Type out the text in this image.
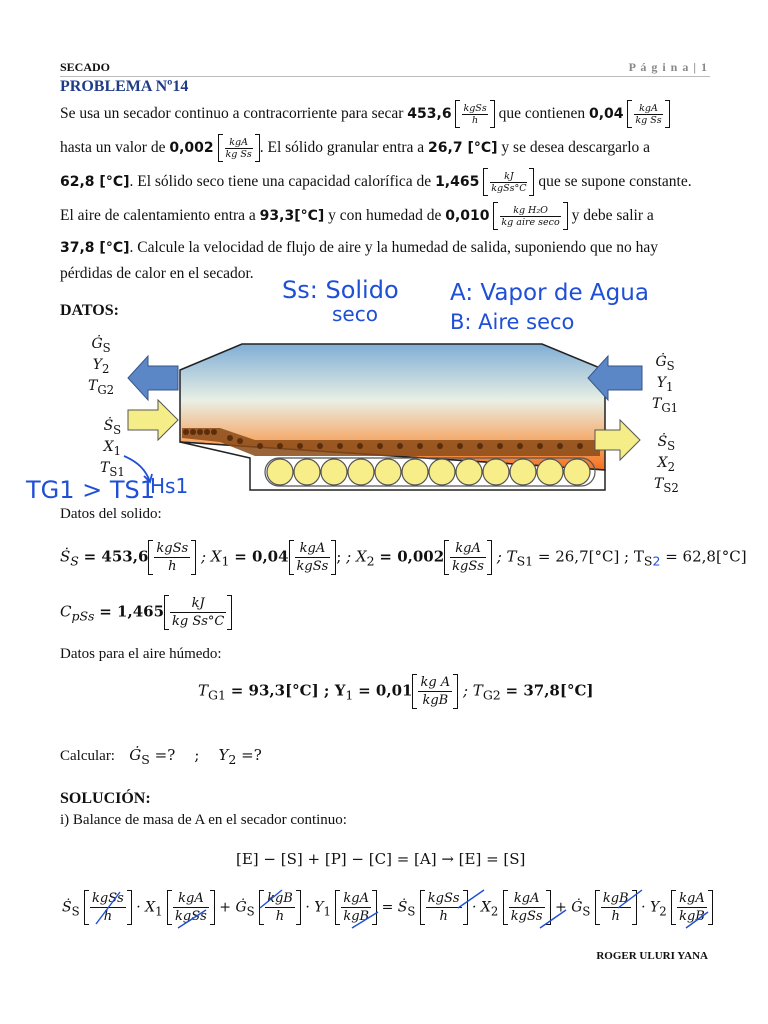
SECADO	P á g i n a | 1
PROBLEMA Nº14
Se usa un secador continuo a contracorriente para secar $453,6 \frac{\text{kgSs}}{h}$ que contienen $0,04 \frac{\text{kgA}}{\text{kg Ss}}$
hasta un valor de $0,002 \frac{\text{kgA}}{\text{kg Ss}}$ . El sólido granular entra a 26,7 [°C] y se desea descargarlo a
62,8 [°C]. El sólido seco tiene una capacidad calorífica de $1,465 \frac{kJ}{\text{kgSs°C}}$ que se supone constante.
El aire de calentamiento entra a 93,3[°C] y con humedad de $0,010 \frac{\text{kg H₂O}}{\text{kg aire seco}}$ y debe salir a
37,8 [°C]. Calcule la velocidad de flujo de aire y la humedad de salida, suponiendo que no hay
pérdidas de calor en el secador.
Ss: Solido
seco
A: Vapor de Agua
B: Aire seco
DATOS:
$Ġ_S$
$Y_2$
$T_{G2}$
Ṡ$_S$
$X_1$
$T_{S1}$
$Ġ_S$
$Y_1$
$T_{G1}$
Ṡ$_S$
$X_2$
$T_{S2}$
TG1 > TS1
Hs1
Datos del solido:
Ṡ$_S$ = 453,6 kgSs
h
; $X_1 = 0,04$ kgA
kgSs
; ; $X_2 = 0,002$ kgA
kgSs
; $T_{S1} = 26,7[^\circ C]$ ; $T_{S2} = 62,8[^\circ C]$
$C_{pSs} = 1,465 \frac{kJ}{\text{kg Ss°C}}$
Datos para el aire húmedo:
$T_{G1} = 93,3[^\circ C]$ ; $Y_1 = 0,01$ kg A
kgB
; $T_{G2} = 37,8[^\circ C]$
Calcular: $Ġ_S$ =? ; $Y_2$ =?
SOLUCIÓN:
i) Balance de masa de A en el secador continuo:
[E] − [S] + [P] − [C] = [A] → [E] = [S]
Ṡ$_S$
kgSs
h
· $X_1$
kgA
kgSs
+ $Ġ_S$
kgB
h
· $Y_1$
kgA
kgB
= Ṡ$_S$
kgSs
h
· $X_2$
kgA
kgSs
+ $Ġ_S$
kgB
h
· $Y_2$
kgA
kgB
ROGER ULURI YANA
